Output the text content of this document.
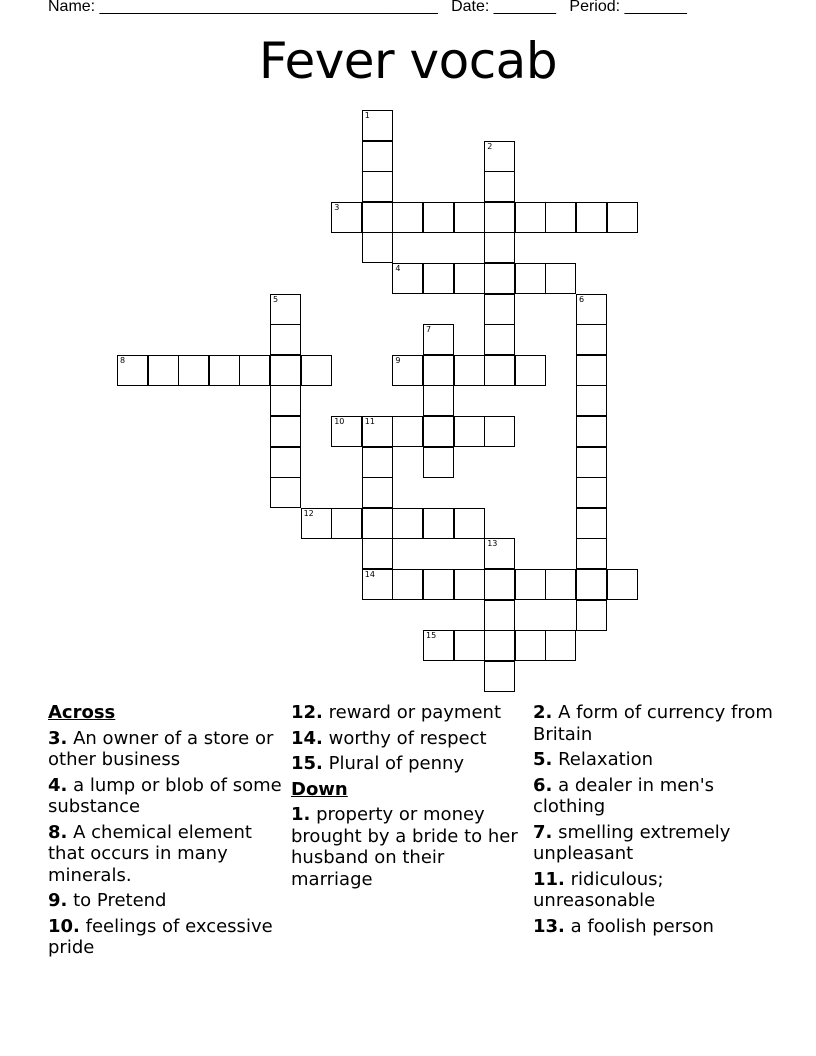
Name: ______________________________________ Date: _______ Period: _______
Fever vocab
1
2
3
4
5	6
7
8	9
10	11
14
12
13
15
Across
3. An owner of a store or other business
4. a lump or blob of some substance
8. A chemical element that occurs in many minerals.
9. to Pretend
10. feelings of excessive pride
12. reward or payment
14. worthy of respect
15. Plural of penny
Down
1. property or money brought by a bride to her husband on their marriage
2. A form of currency from Britain
5. Relaxation
6. a dealer in men's clothing
7. smelling extremely unpleasant
11. ridiculous; unreasonable
13. a foolish person
